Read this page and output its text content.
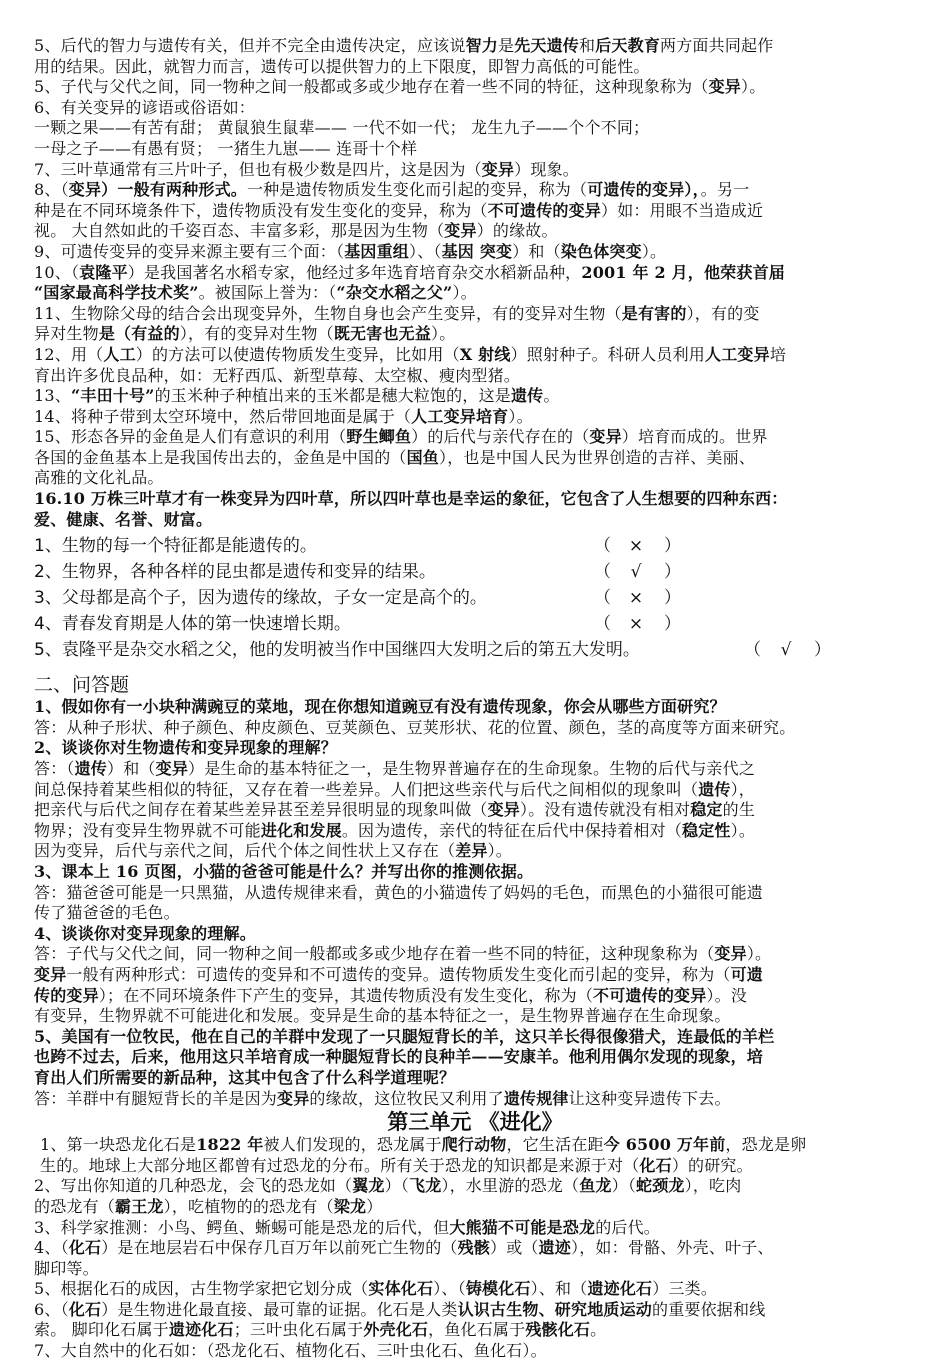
5、后代的智力与遗传有关，但并不完全由遗传决定，应该说智力是先天遗传和后天教育两方面共同起作
用的结果。因此，就智力而言，遗传可以提供智力的上下限度，即智力高低的可能性。
5、子代与父代之间，同一物种之间一般都或多或少地存在着一些不同的特征，这种现象称为（变异）。
6、有关变异的谚语或俗语如：
一颗之果——有苦有甜； 黄鼠狼生鼠辈—— 一代不如一代； 龙生九子——个个不同；
一母之子——有愚有贤； 一猪生九崽—— 连哥十个样
7、三叶草通常有三片叶子，但也有极少数是四片，这是因为（变异）现象。
8、（变异）一般有两种形式。一种是遗传物质发生变化而引起的变异，称为（可遗传的变异），。另一
种是在不同环境条件下，遗传物质没有发生变化的变异，称为（不可遗传的变异）如：用眼不当造成近
视。 大自然如此的千姿百态、丰富多彩，那是因为生物（变异）的缘故。
9、可遗传变异的变异来源主要有三个面：（基因重组）、（基因 突变）和（染色体突变）。
10、（袁隆平）是我国著名水稻专家，他经过多年选育培育杂交水稻新品种，2001 年 2 月，他荣获首届
“国家最高科学技术奖”。被国际上誉为：（“杂交水稻之父”）。
11、生物除父母的结合会出现变异外，生物自身也会产生变异，有的变异对生物（是有害的），有的变
异对生物是（有益的），有的变异对生物（既无害也无益）。
12、用（人工）的方法可以使遗传物质发生变异，比如用（X 射线）照射种子。科研人员利用人工变异培
育出许多优良品种，如：无籽西瓜、新型草莓、太空椒、瘦肉型猪。
13、“丰田十号”的玉米种子种植出来的玉米都是穗大粒饱的，这是遗传。
14、将种子带到太空环境中，然后带回地面是属于（人工变异培育）。
15、形态各异的金鱼是人们有意识的利用（野生鲫鱼）的后代与亲代存在的（变异）培育而成的。世界
各国的金鱼基本上是我国传出去的，金鱼是中国的（国鱼），也是中国人民为世界创造的吉祥、美丽、
高雅的文化礼品。
16.10 万株三叶草才有一株变异为四叶草，所以四叶草也是幸运的象征，它包含了人生想要的四种东西：
爱、健康、名誉、财富。
1、生物的每一个特征都是能遗传的。	（	×	）
2、生物界，各种各样的昆虫都是遗传和变异的结果。	（	√	）
3、父母都是高个子，因为遗传的缘故，子女一定是高个的。	（	×	）
4、青春发育期是人体的第一快速增长期。	（	×	）
5、袁隆平是杂交水稻之父，他的发明被当作中国继四大发明之后的第五大发明。	（	√	）
二、问答题
1、假如你有一小块种满豌豆的菜地，现在你想知道豌豆有没有遗传现象，你会从哪些方面研究？
答：从种子形状、种子颜色、种皮颜色、豆荚颜色、豆荚形状、花的位置、颜色，茎的高度等方面来研究。
2、谈谈你对生物遗传和变异现象的理解？
答：（遗传）和（变异）是生命的基本特征之一，是生物界普遍存在的生命现象。生物的后代与亲代之
间总保持着某些相似的特征，又存在着一些差异。人们把这些亲代与后代之间相似的现象叫（遗传），
把亲代与后代之间存在着某些差异甚至差异很明显的现象叫做（变异）。没有遗传就没有相对稳定的生
物界；没有变异生物界就不可能进化和发展。因为遗传，亲代的特征在后代中保持着相对（稳定性）。
因为变异，后代与亲代之间，后代个体之间性状上又存在（差异）。
3、课本上 16 页图，小猫的爸爸可能是什么？并写出你的推测依据。
答：猫爸爸可能是一只黑猫，从遗传规律来看，黄色的小猫遗传了妈妈的毛色，而黑色的小猫很可能遗
传了猫爸爸的毛色。
4、谈谈你对变异现象的理解。
答：子代与父代之间，同一物种之间一般都或多或少地存在着一些不同的特征，这种现象称为（变异）。
变异一般有两种形式：可遗传的变异和不可遗传的变异。遗传物质发生变化而引起的变异，称为（可遗
传的变异）；在不同环境条件下产生的变异，其遗传物质没有发生变化，称为（不可遗传的变异）。没
有变异，生物界就不可能进化和发展。变异是生命的基本特征之一，是生物界普遍存在生命现象。
5、美国有一位牧民，他在自己的羊群中发现了一只腿短背长的羊，这只羊长得很像猎犬，连最低的羊栏
也跨不过去，后来，他用这只羊培育成一种腿短背长的良种羊——安康羊。他利用偶尔发现的现象，培
育出人们所需要的新品种，这其中包含了什么科学道理呢？
答：羊群中有腿短背长的羊是因为变异的缘故，这位牧民又利用了遗传规律让这种变异遗传下去。
第三单元 《进化》
1、第一块恐龙化石是1822 年被人们发现的，恐龙属于爬行动物，它生活在距今 6500 万年前，恐龙是卵
生的。地球上大部分地区都曾有过恐龙的分布。所有关于恐龙的知识都是来源于对（化石）的研究。
2、写出你知道的几种恐龙，会飞的恐龙如（翼龙）（飞龙），水里游的恐龙（鱼龙）（蛇颈龙），吃肉
的恐龙有（霸王龙），吃植物的的恐龙有（梁龙）
3、科学家推测：小鸟、鳄鱼、蜥蜴可能是恐龙的后代，但大熊猫不可能是恐龙的后代。
4、（化石）是在地层岩石中保存几百万年以前死亡生物的（残骸）或（遗迹），如：骨骼、外壳、叶子、
脚印等。
5、根据化石的成因，古生物学家把它划分成（实体化石）、（铸模化石）、和（遗迹化石）三类。
6、（化石）是生物进化最直接、最可靠的证据。化石是人类认识古生物、研究地质运动的重要依据和线
索。 脚印化石属于遗迹化石；三叶虫化石属于外壳化石，鱼化石属于残骸化石。
7、大自然中的化石如：（恐龙化石、植物化石、三叶虫化石、鱼化石）。
